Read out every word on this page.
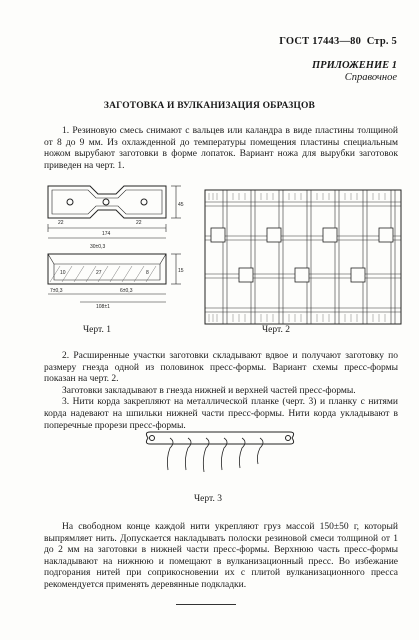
ГОСТ 17443—80 Стр. 5
ПРИЛОЖЕНИЕ 1
Справочное
ЗАГОТОВКА И ВУЛКАНИЗАЦИЯ ОБРАЗЦОВ
1. Резиновую смесь снимают с вальцев или каландра в виде пластины толщиной от 8 до 9 мм. Из охлажденной до температуры помещения пластины специальным ножом вырубают заготовки в форме лопаток. Вариант ножа для вырубки заготовок приведен на черт. 1.
22	22
174
30±0,3
45
15
10	27	8
7±0,3	6±0,3
108±1
Черт. 1	Черт. 2
2. Расширенные участки заготовки складывают вдвое и получают заготовку по размеру гнезда одной из половинок пресс-формы. Вариант схемы пресс-формы показан на черт. 2.
Заготовки закладывают в гнезда нижней и верхней частей пресс-формы.
3. Нити корда закрепляют на металлической планке (черт. 3) и планку с нитями корда надевают на шпильки нижней части пресс-формы. Нити корда укладывают в поперечные прорези пресс-формы.
Черт. 3
На свободном конце каждой нити укрепляют груз массой 150±50 г, который выпрямляет нить. Допускается накладывать полоски резиновой смеси толщиной от 1 до 2 мм на заготовки в нижней части пресс-формы. Верхнюю часть пресс-формы накладывают на нижнюю и помещают в вулканизационный пресс. Во избежание подгорания нитей при соприкосновении их с плитой вулканизационного пресса рекомендуется применять деревянные подкладки.
